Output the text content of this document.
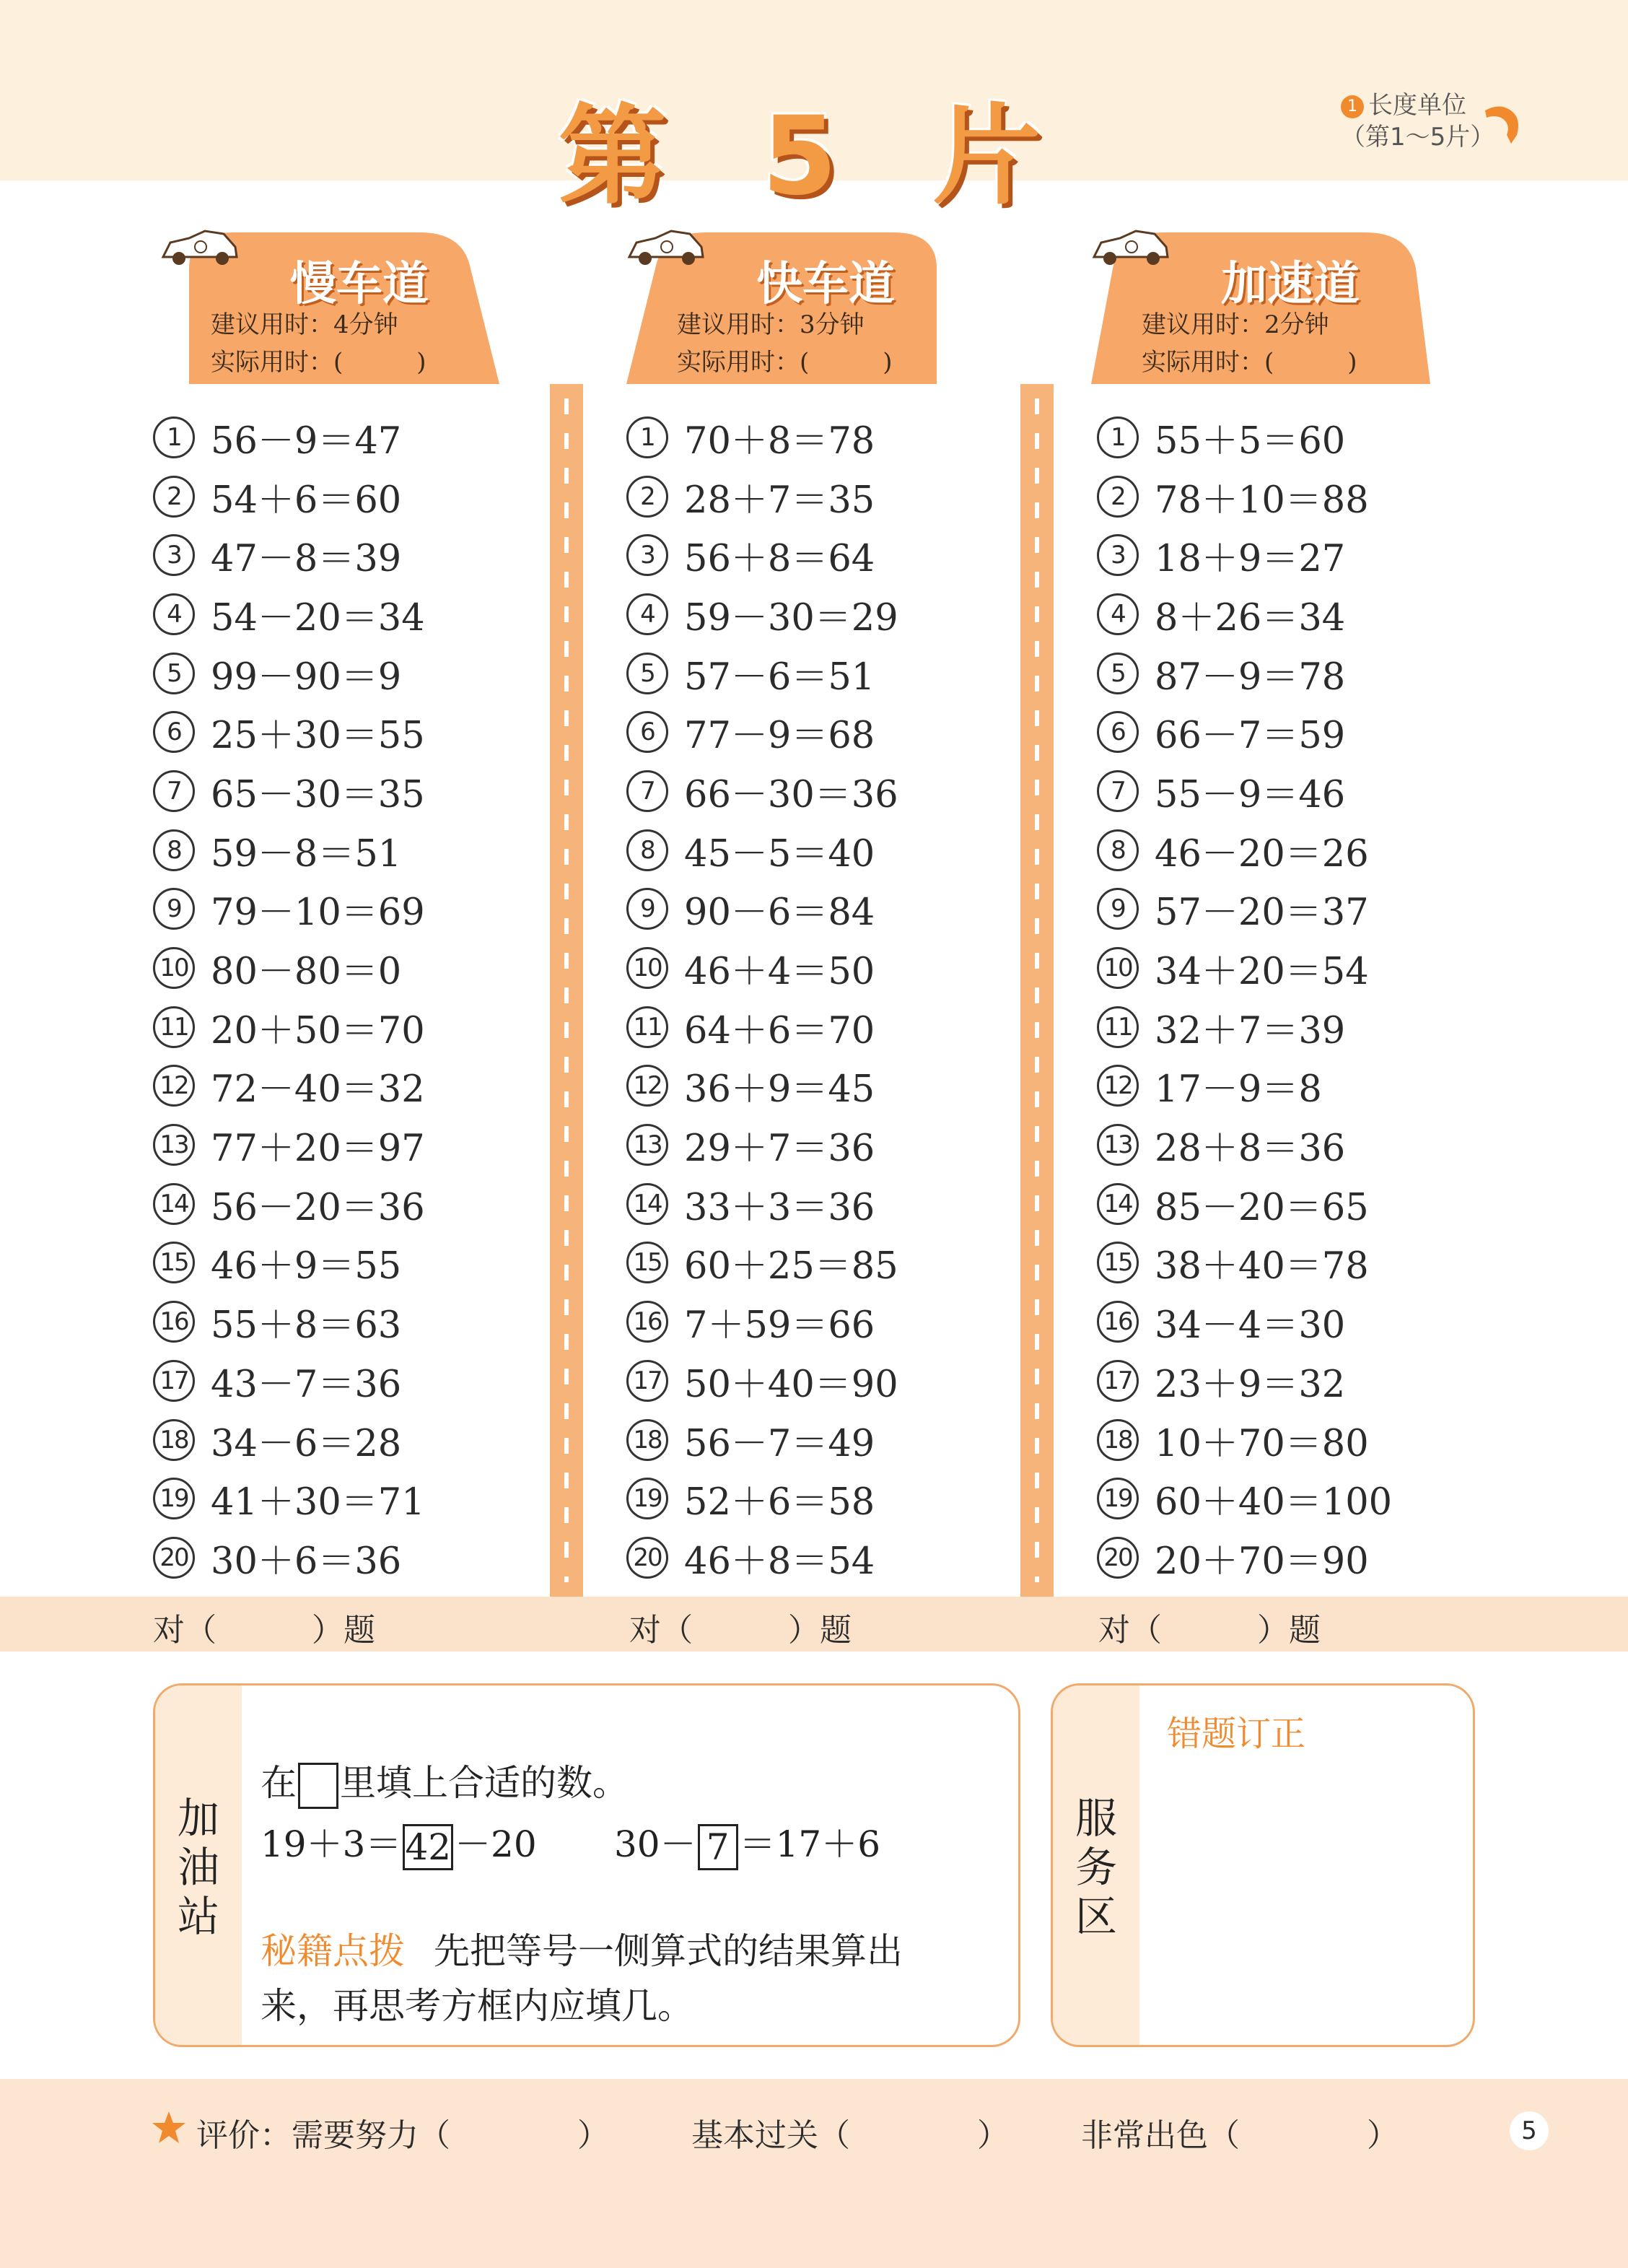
第 5 片	1 长度单位
（第1～5片）
慢车道
建议用时：4分钟
实际用时：(　　　)
快车道
建议用时：3分钟
实际用时：(　　　)
加速道
建议用时：2分钟
实际用时：(　　　)
1 56－9＝47
2 54＋6＝60
3 47－8＝39
4 54－20＝34
5 99－90＝9
6 25＋30＝55
7 65－30＝35
8 59－8＝51
9 79－10＝69
10 80－80＝0
11 20＋50＝70
12 72－40＝32
13 77＋20＝97
14 56－20＝36
15 46＋9＝55
16 55＋8＝63
17 43－7＝36
18 34－6＝28
19 41＋30＝71
20 30＋6＝36
1 70＋8＝78
2 28＋7＝35
3 56＋8＝64
4 59－30＝29
5 57－6＝51
6 77－9＝68
7 66－30＝36
8 45－5＝40
9 90－6＝84
10 46＋4＝50
11 64＋6＝70
12 36＋9＝45
13 29＋7＝36
14 33＋3＝36
15 60＋25＝85
16 7＋59＝66
17 50＋40＝90
18 56－7＝49
19 52＋6＝58
20 46＋8＝54
1 55＋5＝60
2 78＋10＝88
3 18＋9＝27
4 8＋26＝34
5 87－9＝78
6 66－7＝59
7 55－9＝46
8 46－20＝26
9 57－20＝37
10 34＋20＝54
11 32＋7＝39
12 17－9＝8
13 28＋8＝36
14 85－20＝65
15 38＋40＝78
16 34－4＝30
17 23＋9＝32
18 10＋70＝80
19 60＋40＝100
20 20＋70＝90
对（　　　）题	对（　　　）题	对（　　　）题
加
油
站
在 里填上合适的数。
19＋3＝ 42 －20 30－ 7 ＝17＋6
秘籍点拨 先把等号一侧算式的结果算出
来，再思考方框内应填几。
服
务
区
错题订正
评价：需要努力（　　　　）	基本过关（　　　　） 非常出色（　　　　）	5
